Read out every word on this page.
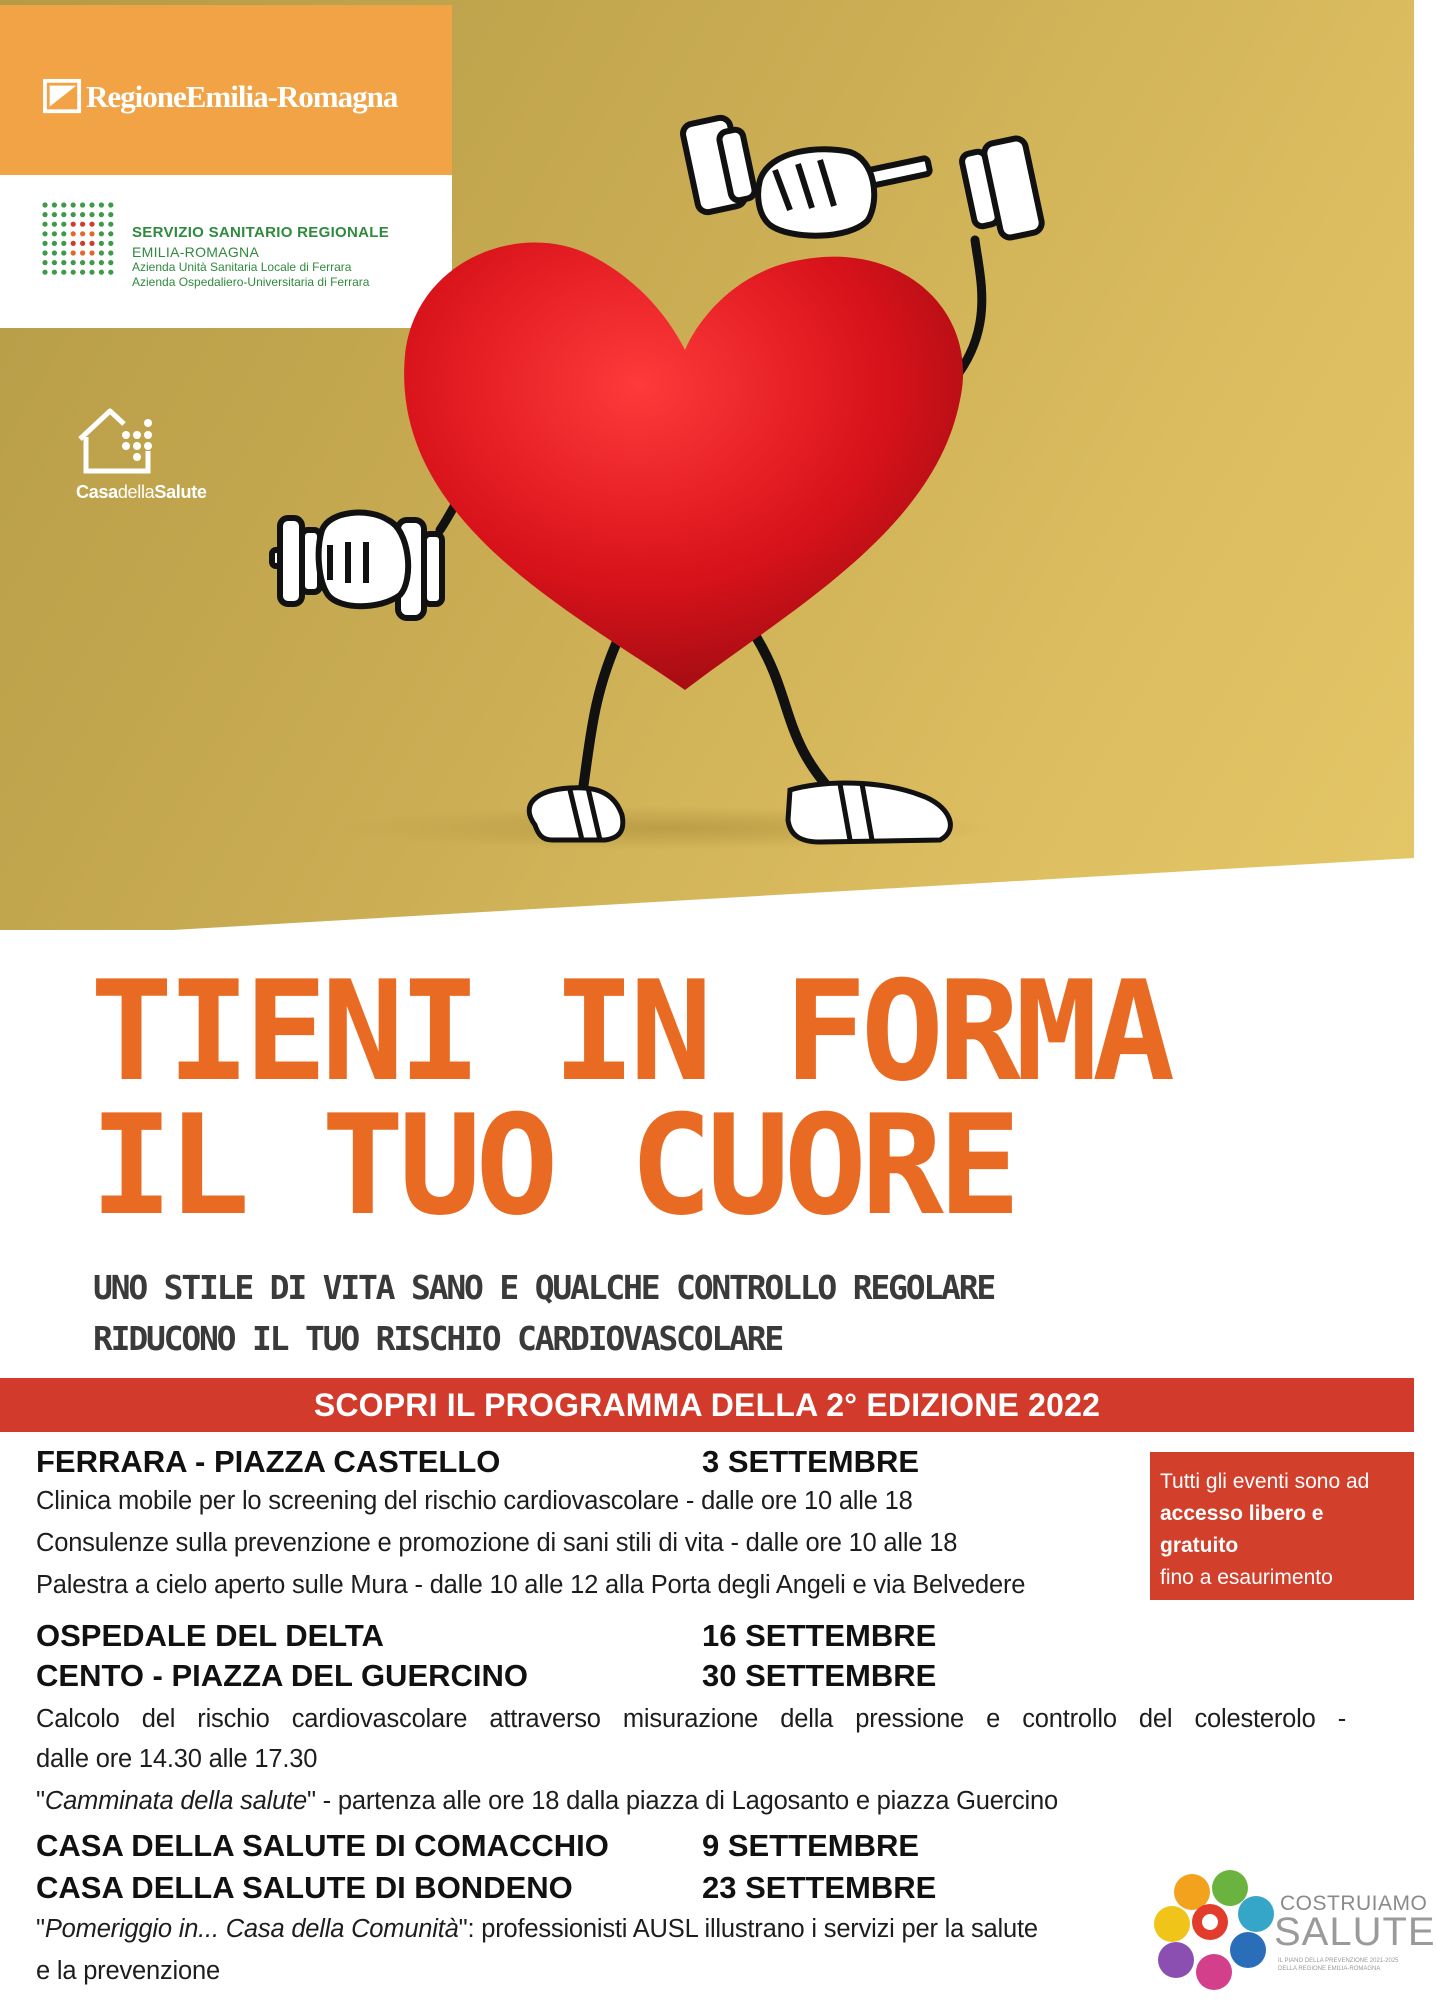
RegioneEmilia-Romagna
SERVIZIO SANITARIO REGIONALE
EMILIA-ROMAGNA
Azienda Unità Sanitaria Locale di Ferrara
Azienda Ospedaliero-Universitaria di Ferrara
CasadellaSalute
TIENI IN FORMA
IL TUO CUORE
UNO STILE DI VITA SANO E QUALCHE CONTROLLO REGOLARE
RIDUCONO IL TUO RISCHIO CARDIOVASCOLARE
SCOPRI IL PROGRAMMA DELLA 2° EDIZIONE 2022
Tutti gli eventi sono ad
accesso libero e gratuito
fino a esaurimento
dei posti disponibili
FERRARA - PIAZZA CASTELLO	3 SETTEMBRE
Clinica mobile per lo screening del rischio cardiovascolare - dalle ore 10 alle 18
Consulenze sulla prevenzione e promozione di sani stili di vita - dalle ore 10 alle 18
Palestra a cielo aperto sulle Mura - dalle 10 alle 12 alla Porta degli Angeli e via Belvedere
OSPEDALE DEL DELTA	16 SETTEMBRE
CENTO - PIAZZA DEL GUERCINO	30 SETTEMBRE
Calcolo del rischio cardiovascolare attraverso misurazione della pressione e controllo del colesterolo -
dalle ore 14.30 alle 17.30
"Camminata della salute" - partenza alle ore 18 dalla piazza di Lagosanto e piazza Guercino
CASA DELLA SALUTE DI COMACCHIO	9 SETTEMBRE
CASA DELLA SALUTE DI BONDENO	23 SETTEMBRE
"Pomeriggio in... Casa della Comunità": professionisti AUSL illustrano i servizi per la salute
e la prevenzione
COSTRUIAMO
SALUTE
IL PIANO DELLA PREVENZIONE 2021-2025
DELLA REGIONE EMILIA-ROMAGNA
